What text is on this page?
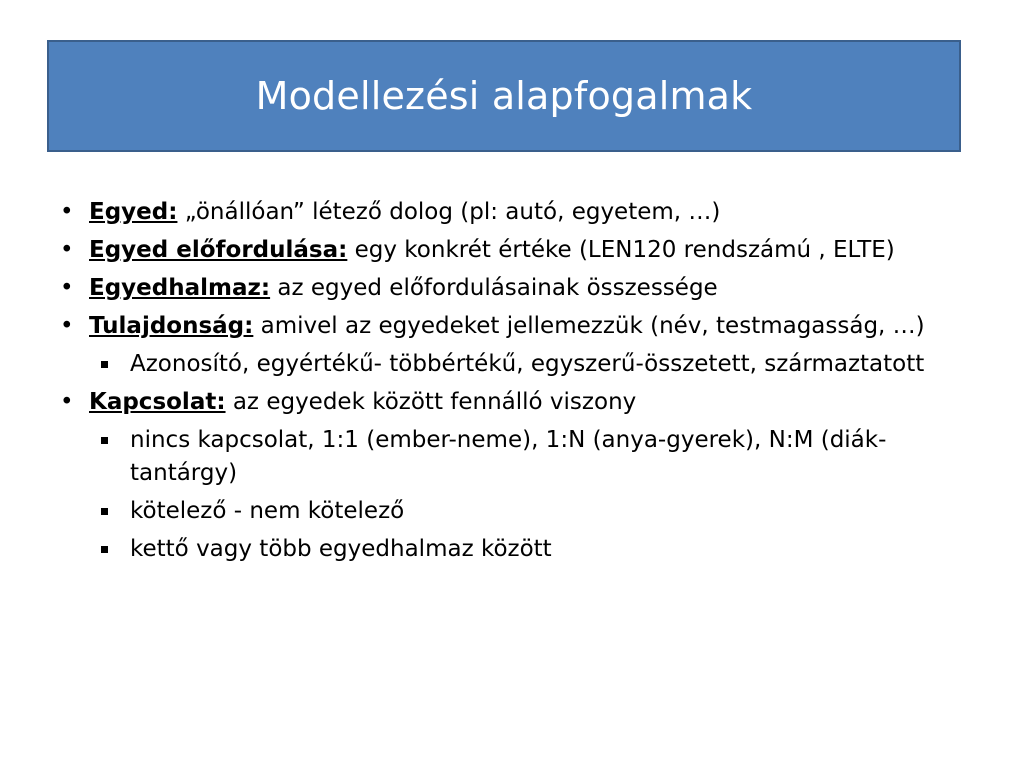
Modellezési alapfogalmak
• Egyed: „önállóan” létező dolog (pl: autó, egyetem, …)
• Egyed előfordulása: egy konkrét értéke (LEN120 rendszámú , ELTE)
• Egyedhalmaz: az egyed előfordulásainak összessége
• Tulajdonság: amivel az egyedeket jellemezzük (név, testmagasság, …)
Azonosító, egyértékű- többértékű, egyszerű-összetett, származtatott
• Kapcsolat: az egyedek között fennálló viszony
nincs kapcsolat, 1:1 (ember-neme), 1:N (anya-gyerek), N:M (diák-tantárgy)
kötelező - nem kötelező
kettő vagy több egyedhalmaz között
